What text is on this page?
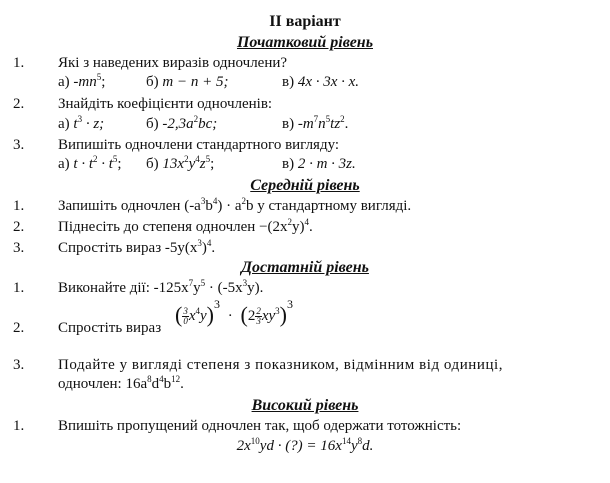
ІІ варіант
Початковий рівень
1. Які з наведених виразів одночлени?
а) $-mn^5$;	б) m − n + 5;	в) 4x · 3x · x.
2. Знайдіть коефіцієнти одночленів:
а) $t^3 \cdot z$;	б) $-2,3a^2bc$;	в) $-m^7n^5tz^2$.
3. Випишіть одночлени стандартного вигляду:
а) $t \cdot t^2 \cdot t^5$; б) $13x^2y^4z^5$;	в) 2 · m · 3z.
Середній рівень
1. Запишіть одночлен $(-a^3b^4) \cdot a^2b$ у стандартному вигляді.
2. Піднесіть до степеня одночлен $-(2x^2y)^4$.
3. Спростіть вираз $-5y(x^3)^4$.
Достатній рівень
1. Виконайте дії: $-125x^7y^5 \cdot (-5x^3y)$.
2. Спростіть вираз
( $\frac{3}{0} x^4y)^3 \cdot (2 \frac{2}{3} xy^3)^3$
3. Подайте у вигляді степеня з показником, відмінним від одиниці,
одночлен: $16a^8d^4b^{12}$.
Високий рівень
1. Впишіть пропущений одночлен так, щоб одержати тотожність:
$2x^{10}yd$ · (?) = $16x^{14}y^8d$.
